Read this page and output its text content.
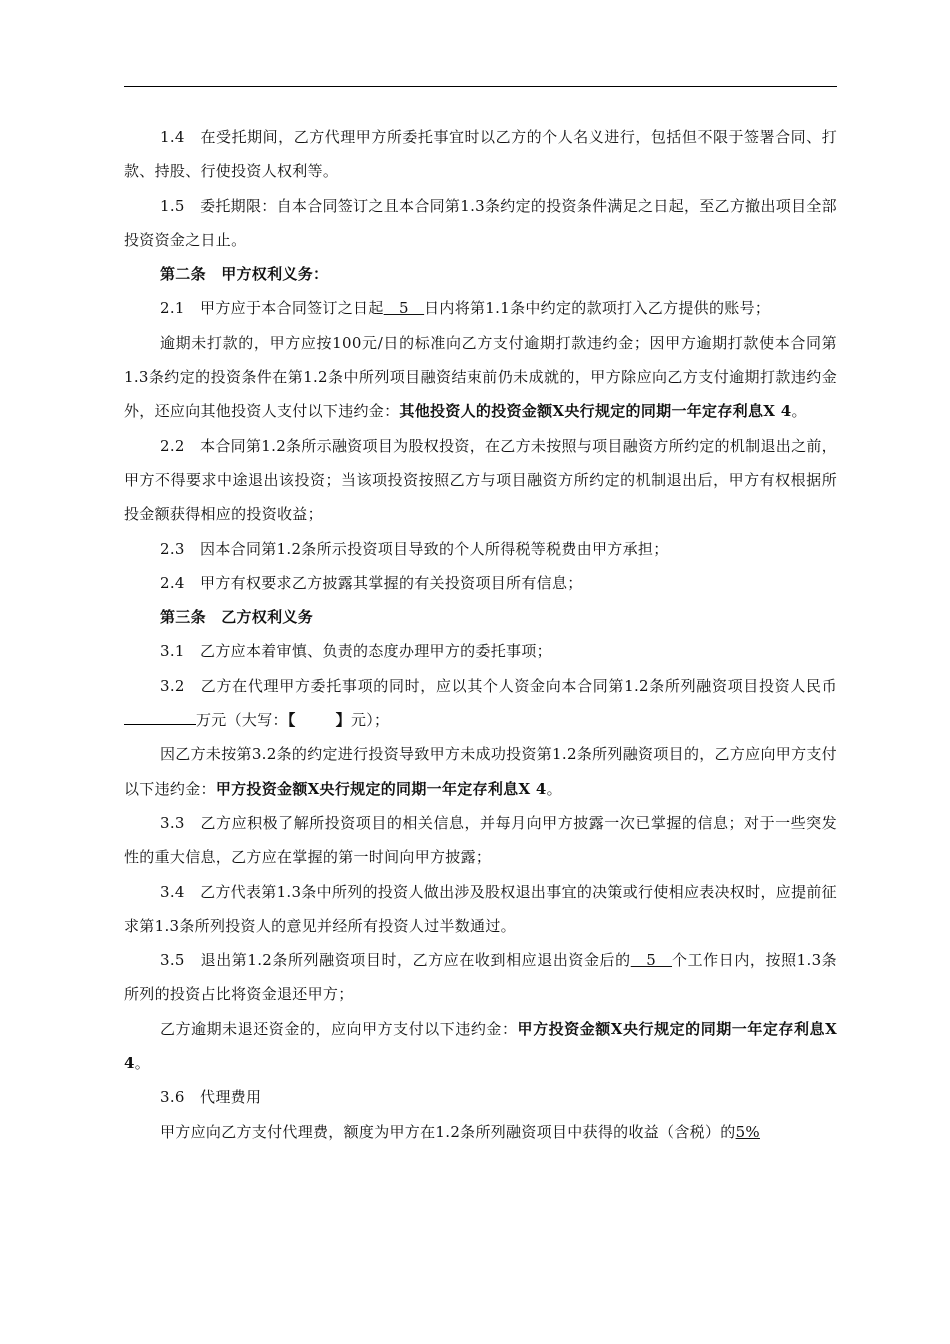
1.4　在受托期间，乙方代理甲方所委托事宜时以乙方的个人名义进行，包括但不限于签署合同、打款、持股、行使投资人权利等。

1.5　委托期限：自本合同签订之且本合同第1.3条约定的投资条件满足之日起，至乙方撤出项目全部投资资金之日止。

第二条　甲方权利义务：

2.1　甲方应于本合同签订之日起　5　日内将第1.1条中约定的款项打入乙方提供的账号；

逾期未打款的，甲方应按100元/日的标准向乙方支付逾期打款违约金；因甲方逾期打款使本合同第1.3条约定的投资条件在第1.2条中所列项目融资结束前仍未成就的，甲方除应向乙方支付逾期打款违约金外，还应向其他投资人支付以下违约金：其他投资人的投资金额X央行规定的同期一年定存利息X 4。

2.2　本合同第1.2条所示融资项目为股权投资，在乙方未按照与项目融资方所约定的机制退出之前，甲方不得要求中途退出该投资；当该项投资按照乙方与项目融资方所约定的机制退出后，甲方有权根据所投金额获得相应的投资收益；

2.3　因本合同第1.2条所示投资项目导致的个人所得税等税费由甲方承担；

2.4　甲方有权要求乙方披露其掌握的有关投资项目所有信息；

第三条　乙方权利义务

3.1　乙方应本着审慎、负责的态度办理甲方的委托事项；

3.2　乙方在代理甲方委托事项的同时，应以其个人资金向本合同第1.2条所列融资项目投资人民币万元（大写：【	】元）；

因乙方未按第3.2条的约定进行投资导致甲方未成功投资第1.2条所列融资项目的，乙方应向甲方支付以下违约金：甲方投资金额X央行规定的同期一年定存利息X 4。

3.3　乙方应积极了解所投资项目的相关信息，并每月向甲方披露一次已掌握的信息；对于一些突发性的重大信息，乙方应在掌握的第一时间向甲方披露；

3.4　乙方代表第1.3条中所列的投资人做出涉及股权退出事宜的决策或行使相应表决权时，应提前征求第1.3条所列投资人的意见并经所有投资人过半数通过。

3.5　退出第1.2条所列融资项目时，乙方应在收到相应退出资金后的　5　个工作日内，按照1.3条所列的投资占比将资金退还甲方；

乙方逾期未退还资金的，应向甲方支付以下违约金：甲方投资金额X央行规定的同期一年定存利息X 4。

3.6　代理费用

甲方应向乙方支付代理费，额度为甲方在1.2条所列融资项目中获得的收益（含税）的5%
